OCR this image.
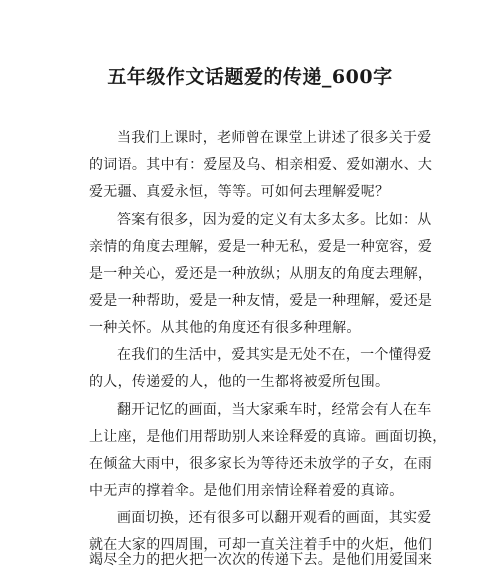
五年级作文话题爱的传递_600字

当我们上课时，老师曾在课堂上讲述了很多关于爱

的词语。其中有：爱屋及乌、相亲相爱、爱如潮水、大

爱无疆、真爱永恒，等等。可如何去理解爱呢？

答案有很多，因为爱的定义有太多太多。比如：从

亲情的角度去理解，爱是一种无私，爱是一种宽容，爱

是一种关心，爱还是一种放纵；从朋友的角度去理解，

爱是一种帮助，爱是一种友情，爱是一种理解，爱还是

一种关怀。从其他的角度还有很多种理解。

在我们的生活中，爱其实是无处不在，一个懂得爱

的人，传递爱的人，他的一生都将被爱所包围。

翻开记忆的画面，当大家乘车时，经常会有人在车

上让座，是他们用帮助别人来诠释爱的真谛。画面切换，

在倾盆大雨中，很多家长为等待还未放学的子女，在雨

中无声的撑着伞。是他们用亲情诠释着爱的真谛。

画面切换，还有很多可以翻开观看的画面，其实爱

就在大家的四周围，可却一直关注着手中的火炬，他们

竭尽全力的把火把一次次的传递下去。是他们用爱国来
